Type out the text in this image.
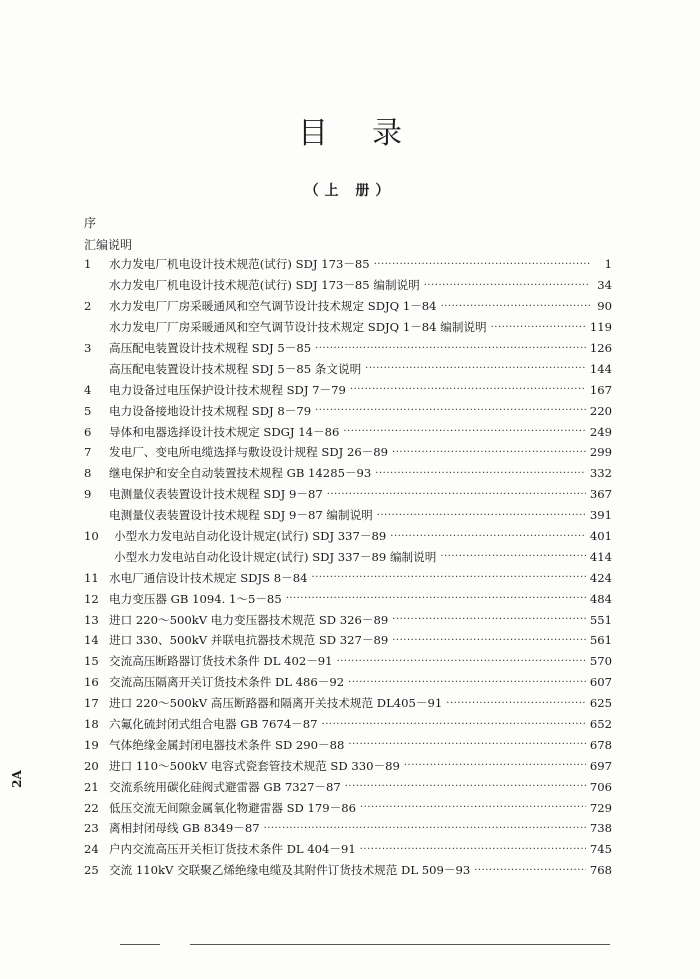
目录
（上 册）
序
汇编说明
1	水力发电厂机电设计技术规范(试行) SDJ 173－85 ·····	1
水力发电厂机电设计技术规范(试行) SDJ 173－85 编制说明 ·····	34
2	水力发电厂厂房采暖通风和空气调节设计技术规定 SDJQ 1－84 ·····	90
水力发电厂厂房采暖通风和空气调节设计技术规定 SDJQ 1－84 编制说明 ·····	119
3	高压配电装置设计技术规程 SDJ 5－85 ·····	126
高压配电装置设计技术规程 SDJ 5－85 条文说明 ·····	144
4	电力设备过电压保护设计技术规程 SDJ 7－79 ·····	167
5	电力设备接地设计技术规程 SDJ 8－79 ·····	220
6	导体和电器选择设计技术规定 SDGJ 14－86 ·····	249
7	发电厂、变电所电缆选择与敷设设计规程 SDJ 26－89 ·····	299
8	继电保护和安全自动装置技术规程 GB 14285－93 ·····	332
9	电测量仪表装置设计技术规程 SDJ 9－87 ·····	367
电测量仪表装置设计技术规程 SDJ 9－87 编制说明 ·····	391
10	小型水力发电站自动化设计规定(试行) SDJ 337－89 ·····	401
小型水力发电站自动化设计规定(试行) SDJ 337－89 编制说明 ·····	414
11 水电厂通信设计技术规定 SDJS 8－84 ·····	424
12 电力变压器 GB 1094. 1～5－85 ·····	484
13 进口 220～500kV 电力变压器技术规范 SD 326－89 ·····	551
14 进口 330、500kV 并联电抗器技术规范 SD 327－89 ·····	561
15 交流高压断路器订货技术条件 DL 402－91 ·····	570
16 交流高压隔离开关订货技术条件 DL 486－92 ·····	607
17 进口 220～500kV 高压断路器和隔离开关技术规范 DL405－91 ·····	625
18 六氟化硫封闭式组合电器 GB 7674－87 ·····	652
19 气体绝缘金属封闭电器技术条件 SD 290－88 ·····	678
20 进口 110～500kV 电容式瓷套管技术规范 SD 330－89 ·····	697
21 交流系统用碳化硅阀式避雷器 GB 7327－87 ·····	706
22 低压交流无间隙金属氧化物避雷器 SD 179－86 ·····	729
23 离相封闭母线 GB 8349－87 ·····	738
24 户内交流高压开关柜订货技术条件 DL 404－91 ·····	745
25 交流 110kV 交联聚乙烯绝缘电缆及其附件订货技术规范 DL 509－93 ·····	768
2A
